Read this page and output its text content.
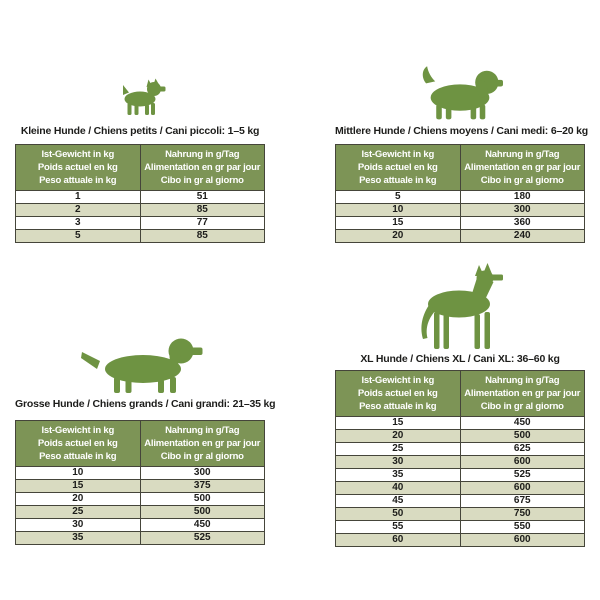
Kleine Hunde / Chiens petits / Cani piccoli: 1–5 kg
Ist-Gewicht in kg
Poids actuel en kg
Peso attuale in kg

Nahrung in g/Tag
Alimentation en gr par jour
Cibo in gr al giorno

1	51
2	85
3	77
5	85
Mittlere Hunde / Chiens moyens / Cani medi: 6–20 kg
Ist-Gewicht in kg
Poids actuel en kg
Peso attuale in kg

Nahrung in g/Tag
Alimentation en gr par jour
Cibo in gr al giorno

5	180
10	300
15	360
20	240
Grosse Hunde / Chiens grands / Cani grandi: 21–35 kg
Ist-Gewicht in kg
Poids actuel en kg
Peso attuale in kg

Nahrung in g/Tag
Alimentation en gr par jour
Cibo in gr al giorno

10	300
15	375
20	500
25	500
30	450
35	525
XL Hunde / Chiens XL / Cani XL: 36–60 kg
Ist-Gewicht in kg
Poids actuel en kg
Peso attuale in kg

Nahrung in g/Tag
Alimentation en gr par jour
Cibo in gr al giorno

15	450
20	500
25	625
30	600
35	525
40	600
45	675
50	750
55	550
60	600
